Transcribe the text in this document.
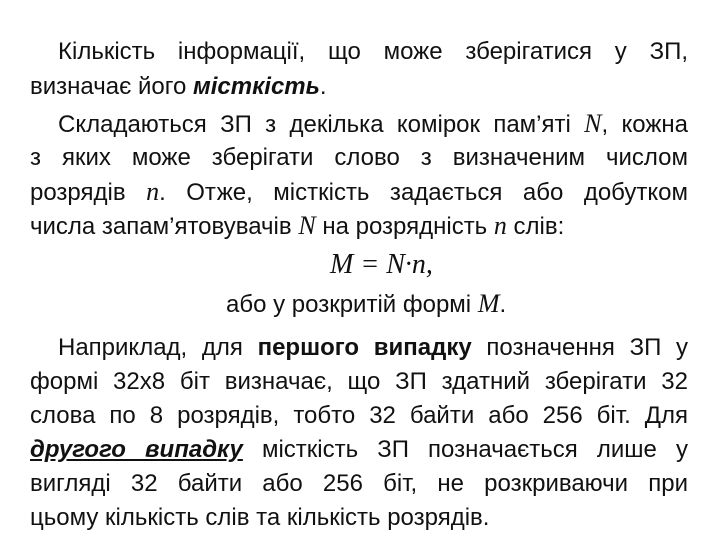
Кількість інформації, що може зберігатися у ЗП,
визначає його місткість.
Складаються ЗП з декілька комірок пам’яті N, кожна
з яких може зберігати слово з визначеним числом
розрядів n. Отже, місткість задається або добутком
числа запам’ятовувачів N на розрядність n слів:
M = N·n,
або у розкритій формі M.
Наприклад, для першого випадку позначення ЗП у
формі 32x8 біт визначає, що ЗП здатний зберігати 32
слова по 8 розрядів, тобто 32 байти або 256 біт. Для
другого випадку місткість ЗП позначається лише у
вигляді 32 байти або 256 біт, не розкриваючи при
цьому кількість слів та кількість розрядів.
